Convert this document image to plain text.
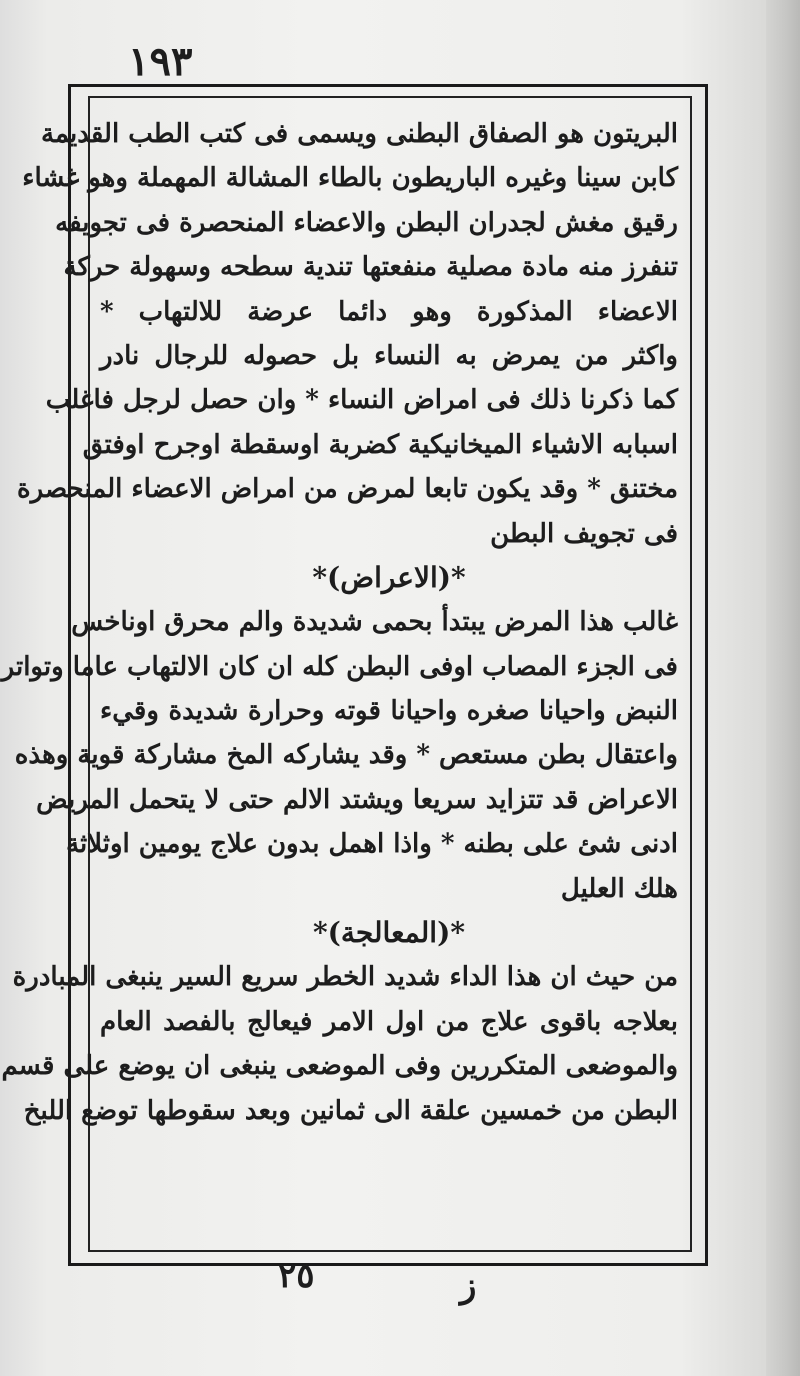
١٩٣
البريتون هو الصفاق البطنى ويسمى فى كتب الطب القديمة
كابن سينا وغيره الباريطون بالطاء المشالة المهملة وهو غشاء
رقيق مغش لجدران البطن والاعضاء المنحصرة فى تجويفه
تنفرز منه مادة مصلية منفعتها تندية سطحه وسهولة حركة
الاعضاء المذكورة وهو دائما عرضة للالتهاب *
واكثر من يمرض به النساء بل حصوله للرجال نادر
كما ذكرنا ذلك فى امراض النساء * وان حصل لرجل فاغلب
اسبابه الاشياء الميخانيكية كضربة اوسقطة اوجرح اوفتق
مختنق * وقد يكون تابعا لمرض من امراض الاعضاء المنحصرة
فى تجويف البطن
*(الاعراض)*
غالب هذا المرض يبتدأ بحمى شديدة والم محرق اوناخس
فى الجزء المصاب اوفى البطن كله ان كان الالتهاب عاما وتواتر
النبض واحيانا صغره واحيانا قوته وحرارة شديدة وقيء
واعتقال بطن مستعص * وقد يشاركه المخ مشاركة قوية وهذه
الاعراض قد تتزايد سريعا ويشتد الالم حتى لا يتحمل المريض
ادنى شئ على بطنه * واذا اهمل بدون علاج يومين اوثلاثة
هلك العليل
*(المعالجة)*
من حيث ان هذا الداء شديد الخطر سريع السير ينبغى المبادرة
بعلاجه باقوى علاج من اول الامر فيعالج بالفصد العام
والموضعى المتكررين وفى الموضعى ينبغى ان يوضع على قسم
البطن من خمسين علقة الى ثمانين وبعد سقوطها توضع اللبخ
٢٥	ز
